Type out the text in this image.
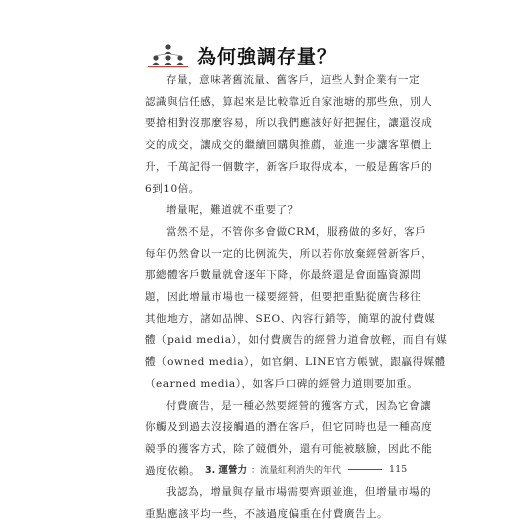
為何強調存量？
存量，意味著舊流量、舊客戶，這些人對企業有一定
認識與信任感，算起來是比較靠近自家池塘的那些魚，別人
要搶相對沒那麼容易，所以我們應該好好把握住，讓還沒成
交的成交，讓成交的繼續回購與推薦，並進一步讓客單價上
升，千萬記得一個數字，新客戶取得成本，一般是舊客戶的
6到10倍。
增量呢，難道就不重要了？
當然不是，不管你多會做CRM，服務做的多好，客戶
每年仍然會以一定的比例流失，所以若你放棄經營新客戶，
那總體客戶數量就會逐年下降，你最終還是會面臨資源問
題，因此增量市場也一樣要經營，但要把重點從廣告移往
其他地方，諸如品牌、SEO、內容行銷等，簡單的說付費媒
體（paid media），如付費廣告的經營力道會放輕，而自有媒
體（owned media），如官網、LINE官方帳號，跟贏得媒體
（earned media），如客戶口碑的經營力道則要加重。
付費廣告，是一種必然要經營的獲客方式，因為它會讓
你觸及到過去沒接觸過的潛在客戶，但它同時也是一種高度
競爭的獲客方式，除了競價外，還有可能被駭臉，因此不能
過度依賴。
我認為，增量與存量市場需要齊頭並進，但增量市場的
重點應該平均一些，不該過度偏重在付費廣告上。
3. 運營力 ：流量紅利消失的年代	115
